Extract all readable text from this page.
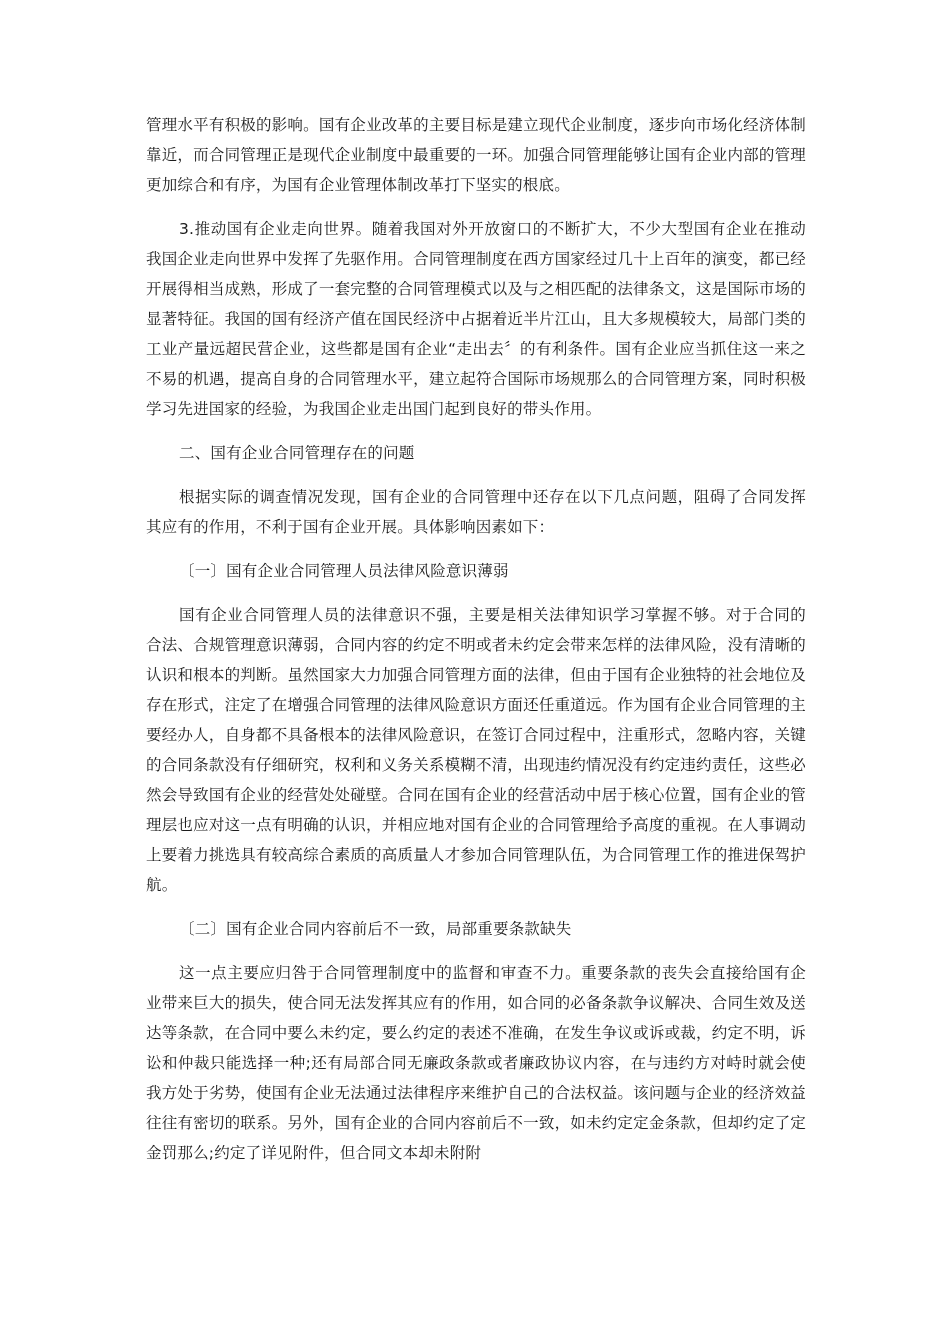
管理水平有积极的影响。国有企业改革的主要目标是建立现代企业制度，逐步向市场化经济体制靠近，而合同管理正是现代企业制度中最重要的一环。加强合同管理能够让国有企业内部的管理更加综合和有序，为国有企业管理体制改革打下坚实的根底。

3.推动国有企业走向世界。随着我国对外开放窗口的不断扩大，不少大型国有企业在推动我国企业走向世界中发挥了先驱作用。合同管理制度在西方国家经过几十上百年的演变，都已经开展得相当成熟，形成了一套完整的合同管理模式以及与之相匹配的法律条文，这是国际市场的显著特征。我国的国有经济产值在国民经济中占据着近半片江山，且大多规模较大，局部门类的工业产量远超民营企业，这些都是国有企业“走出去〞的有利条件。国有企业应当抓住这一来之不易的机遇，提高自身的合同管理水平，建立起符合国际市场规那么的合同管理方案，同时积极学习先进国家的经验，为我国企业走出国门起到良好的带头作用。

二、国有企业合同管理存在的问题

根据实际的调查情况发现，国有企业的合同管理中还存在以下几点问题，阻碍了合同发挥其应有的作用，不利于国有企业开展。具体影响因素如下：

〔一〕国有企业合同管理人员法律风险意识薄弱

国有企业合同管理人员的法律意识不强，主要是相关法律知识学习掌握不够。对于合同的合法、合规管理意识薄弱，合同内容的约定不明或者未约定会带来怎样的法律风险，没有清晰的认识和根本的判断。虽然国家大力加强合同管理方面的法律，但由于国有企业独特的社会地位及存在形式，注定了在增强合同管理的法律风险意识方面还任重道远。作为国有企业合同管理的主要经办人，自身都不具备根本的法律风险意识，在签订合同过程中，注重形式，忽略内容，关键的合同条款没有仔细研究，权利和义务关系模糊不清，出现违约情况没有约定违约责任，这些必然会导致国有企业的经营处处碰壁。合同在国有企业的经营活动中居于核心位置，国有企业的管理层也应对这一点有明确的认识，并相应地对国有企业的合同管理给予高度的重视。在人事调动上要着力挑选具有较高综合素质的高质量人才参加合同管理队伍，为合同管理工作的推进保驾护航。

〔二〕国有企业合同内容前后不一致，局部重要条款缺失

这一点主要应归咎于合同管理制度中的监督和审查不力。重要条款的丧失会直接给国有企业带来巨大的损失，使合同无法发挥其应有的作用，如合同的必备条款争议解决、合同生效及送达等条款，在合同中要么未约定，要么约定的表述不准确，在发生争议或诉或裁，约定不明，诉讼和仲裁只能选择一种;还有局部合同无廉政条款或者廉政协议内容，在与违约方对峙时就会使我方处于劣势，使国有企业无法通过法律程序来维护自己的合法权益。该问题与企业的经济效益往往有密切的联系。另外，国有企业的合同内容前后不一致，如未约定定金条款，但却约定了定金罚那么;约定了详见附件，但合同文本却未附附
